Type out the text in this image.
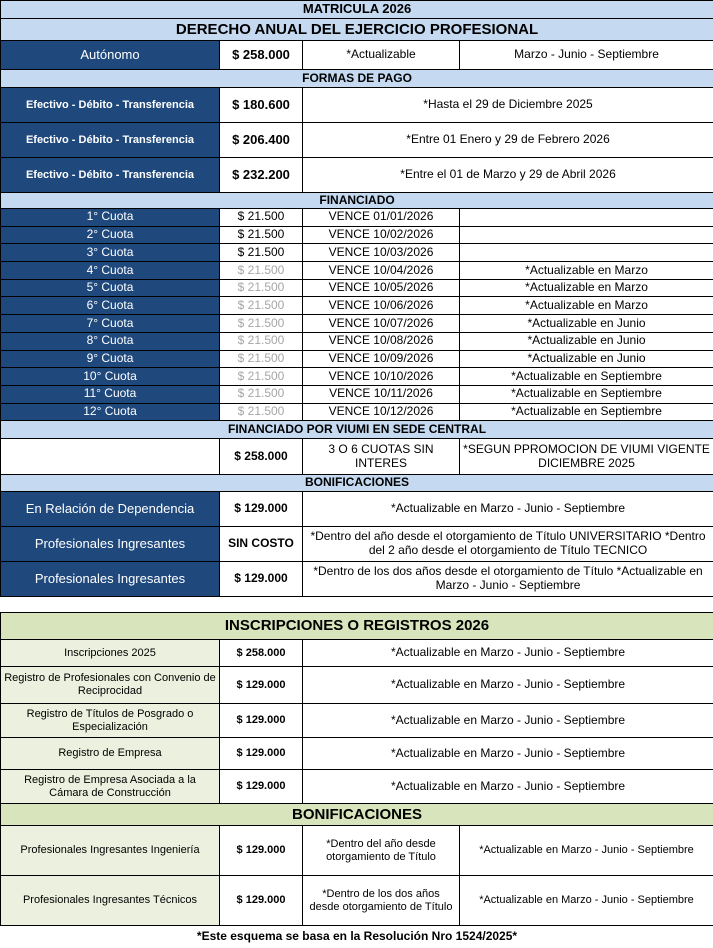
MATRICULA 2026			
DERECHO ANUAL DEL EJERCICIO PROFESIONAL			
Autónomo	$ 258.000	*Actualizable	Marzo - Junio - Septiembre
FORMAS DE PAGO			
Efectivo - Débito - Transferencia	$ 180.600	*Hasta el 29 de Diciembre 2025	
Efectivo - Débito - Transferencia	$ 206.400	*Entre 01 Enero y 29 de Febrero 2026	
Efectivo - Débito - Transferencia	$ 232.200	*Entre el 01 de Marzo y 29 de Abril 2026	
FINANCIADO			
1° Cuota	$ 21.500	VENCE 01/01/2026	
2° Cuota	$ 21.500	VENCE 10/02/2026	
3° Cuota	$ 21.500	VENCE 10/03/2026	
4° Cuota	$ 21.500	VENCE 10/04/2026	*Actualizable en Marzo
5° Cuota	$ 21.500	VENCE 10/05/2026	*Actualizable en Marzo
6° Cuota	$ 21.500	VENCE 10/06/2026	*Actualizable en Marzo
7° Cuota	$ 21.500	VENCE 10/07/2026	*Actualizable en Junio
8° Cuota	$ 21.500	VENCE 10/08/2026	*Actualizable en Junio
9° Cuota	$ 21.500	VENCE 10/09/2026	*Actualizable en Junio
10° Cuota	$ 21.500	VENCE 10/10/2026	*Actualizable en Septiembre
11° Cuota	$ 21.500	VENCE 10/11/2026	*Actualizable en Septiembre
12° Cuota	$ 21.500	VENCE 10/12/2026	*Actualizable en Septiembre
FINANCIADO POR VIUMI EN SEDE CENTRAL			
	$ 258.000	3 O 6 CUOTAS SIN INTERES	*SEGUN PPROMOCION DE VIUMI VIGENTE DICIEMBRE 2025
BONIFICACIONES			
En Relación de Dependencia	$ 129.000	*Actualizable en Marzo - Junio - Septiembre	
Profesionales Ingresantes	SIN COSTO	*Dentro del año desde el otorgamiento de Título UNIVERSITARIO *Dentro del 2 año desde el otorgamiento de Título TECNICO	
Profesionales Ingresantes	$ 129.000	*Dentro de los dos años desde el otorgamiento de Título *Actualizable en Marzo - Junio - Septiembre	
INSCRIPCIONES O REGISTROS 2026			
Inscripciones 2025	$ 258.000	*Actualizable en Marzo - Junio - Septiembre	
Registro de Profesionales con Convenio de Reciprocidad	$ 129.000	*Actualizable en Marzo - Junio - Septiembre	
Registro de Títulos de Posgrado o Especialización	$ 129.000	*Actualizable en Marzo - Junio - Septiembre	
Registro de Empresa	$ 129.000	*Actualizable en Marzo - Junio - Septiembre	
Registro de Empresa Asociada a la Cámara de Construcción	$ 129.000	*Actualizable en Marzo - Junio - Septiembre	
BONIFICACIONES			
Profesionales Ingresantes Ingeniería	$ 129.000	*Dentro del año desde otorgamiento de Título	*Actualizable en Marzo - Junio - Septiembre
Profesionales Ingresantes Técnicos	$ 129.000	*Dentro de los dos años desde otorgamiento de Título	*Actualizable en Marzo - Junio - Septiembre
*Este esquema se basa en la Resolución Nro 1524/2025*			
